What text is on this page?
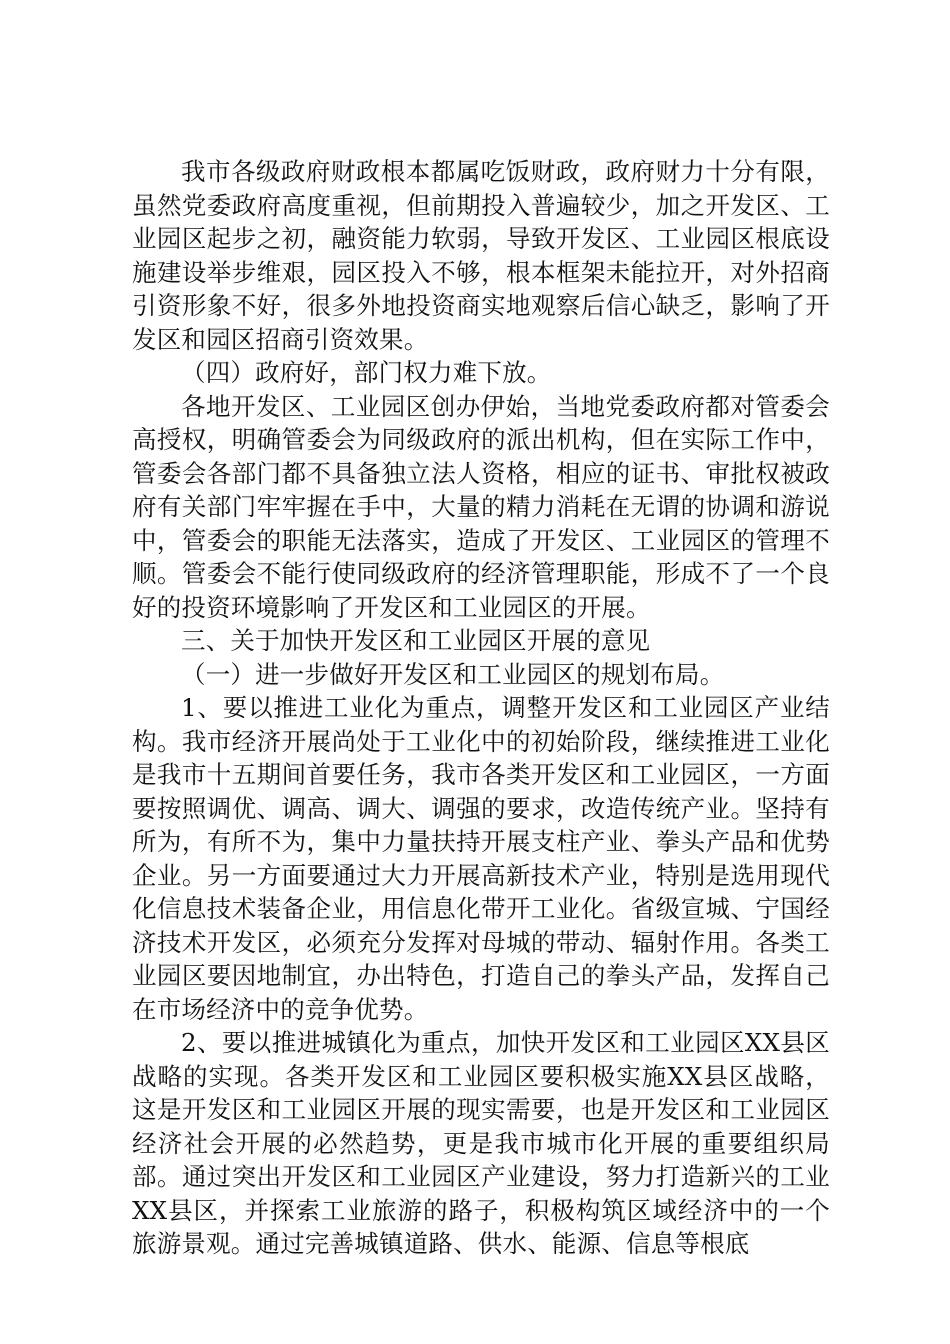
我市各级政府财政根本都属吃饭财政，政府财力十分有限，虽然党委政府高度重视，但前期投入普遍较少，加之开发区、工业园区起步之初，融资能力软弱，导致开发区、工业园区根底设施建设举步维艰，园区投入不够，根本框架未能拉开，对外招商引资形象不好，很多外地投资商实地观察后信心缺乏，影响了开发区和园区招商引资效果。

（四）政府好，部门权力难下放。

各地开发区、工业园区创办伊始，当地党委政府都对管委会高授权，明确管委会为同级政府的派出机构，但在实际工作中，管委会各部门都不具备独立法人资格，相应的证书、审批权被政府有关部门牢牢握在手中，大量的精力消耗在无谓的协调和游说中，管委会的职能无法落实，造成了开发区、工业园区的管理不顺。管委会不能行使同级政府的经济管理职能，形成不了一个良好的投资环境影响了开发区和工业园区的开展。

三、关于加快开发区和工业园区开展的意见

（一）进一步做好开发区和工业园区的规划布局。

1、要以推进工业化为重点，调整开发区和工业园区产业结构。我市经济开展尚处于工业化中的初始阶段，继续推进工业化是我市十五期间首要任务，我市各类开发区和工业园区，一方面要按照调优、调高、调大、调强的要求，改造传统产业。坚持有所为，有所不为，集中力量扶持开展支柱产业、拳头产品和优势企业。另一方面要通过大力开展高新技术产业，特别是选用现代化信息技术装备企业，用信息化带开工业化。省级宣城、宁国经济技术开发区，必须充分发挥对母城的带动、辐射作用。各类工业园区要因地制宜，办出特色，打造自己的拳头产品，发挥自己在市场经济中的竞争优势。

2、要以推进城镇化为重点，加快开发区和工业园区XX县区战略的实现。各类开发区和工业园区要积极实施XX县区战略，这是开发区和工业园区开展的现实需要，也是开发区和工业园区经济社会开展的必然趋势，更是我市城市化开展的重要组织局部。通过突出开发区和工业园区产业建设，努力打造新兴的工业XX县区，并探索工业旅游的路子，积极构筑区域经济中的一个旅游景观。通过完善城镇道路、供水、能源、信息等根底
